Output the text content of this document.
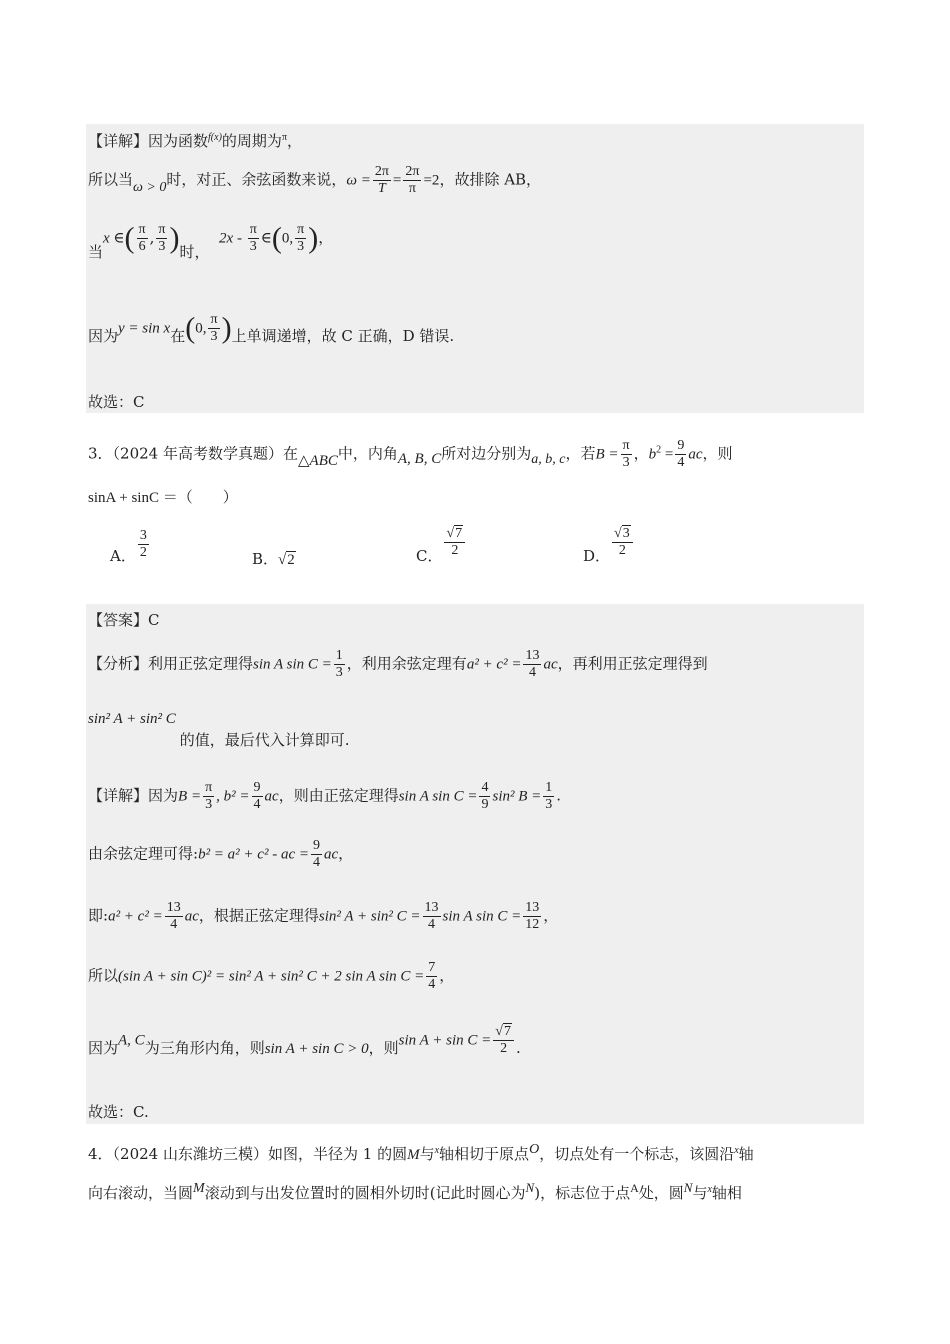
【详解】因为函数$^{f(x)}$的周期为$^\pi$，
所以当ω > 0时，对正、余弦函数来说，$\omega = \frac{2\pi}{T} = \frac{2\pi}{\pi} =2$，故排除 AB，
当x ∈( $\frac{\pi}{6}$ , $\frac{\pi}{3}$ )时，  $2x - \frac{\pi}{3}$ ∈(0, $\frac{\pi}{3}$ )，
因为y = sin x在(0, $\frac{\pi}{3}$ )上单调递增，故 C 正确，D 错误.
故选：C
3．（2024 年高考数学真题）在△ABC中，内角A, B, C所对边分别为a, b, c，若$B = \frac{\pi}{3}$ ，$b^2 = \frac{9}{4}$ ac，则
sinA + sinC ＝（　　）
A． $\frac{3}{2}$	B．√2	C． $\frac{√7}{2}$	D． $\frac{√3}{2}$
【答案】C
【分析】利用正弦定理得sin A $\sin C = \frac{1}{3}$ ，利用余弦定理有$a^2 + c^2 = \frac{13}{4}$ ac，再利用正弦定理得到
sin² A + sin² C的值，最后代入计算即可.
【详解】因为$B = \frac{\pi}{3}$ , $b^2 = \frac{9}{4}$ ac，则由正弦定理得sin A $\sin C = \frac{4}{9} \sin^2$ $B = \frac{1}{3}$ .
由余弦定理可得:b² = a² + c² - ac = $\frac{9}{4}$ ac，
即:a² + $c^2 = \frac{13}{4}$ ac，根据正弦定理得sin² A + sin² $C = \frac{13}{4}$ sin A $\sin C = \frac{13}{12}$ ，
所以(sin A + sin C)² = sin² A + sin² C + 2 sin A $\sin C = \frac{7}{4}$ ，
因为A, C为三角形内角，则sin A + sin C > 0，则$\sin A + \sin C = \frac{√7}{2}$ .
故选：C.
4．（2024 山东潍坊三模）如图，半径为 1 的圆M与$^x$轴相切于原点$^O$，切点处有一个标志，该圆沿$^x$轴
向右滚动，当圆$^M$滚动到与出发位置时的圆相外切时(记此时圆心为$^N$)，标志位于点$^A$处，圆$^N$与$^x$轴相
